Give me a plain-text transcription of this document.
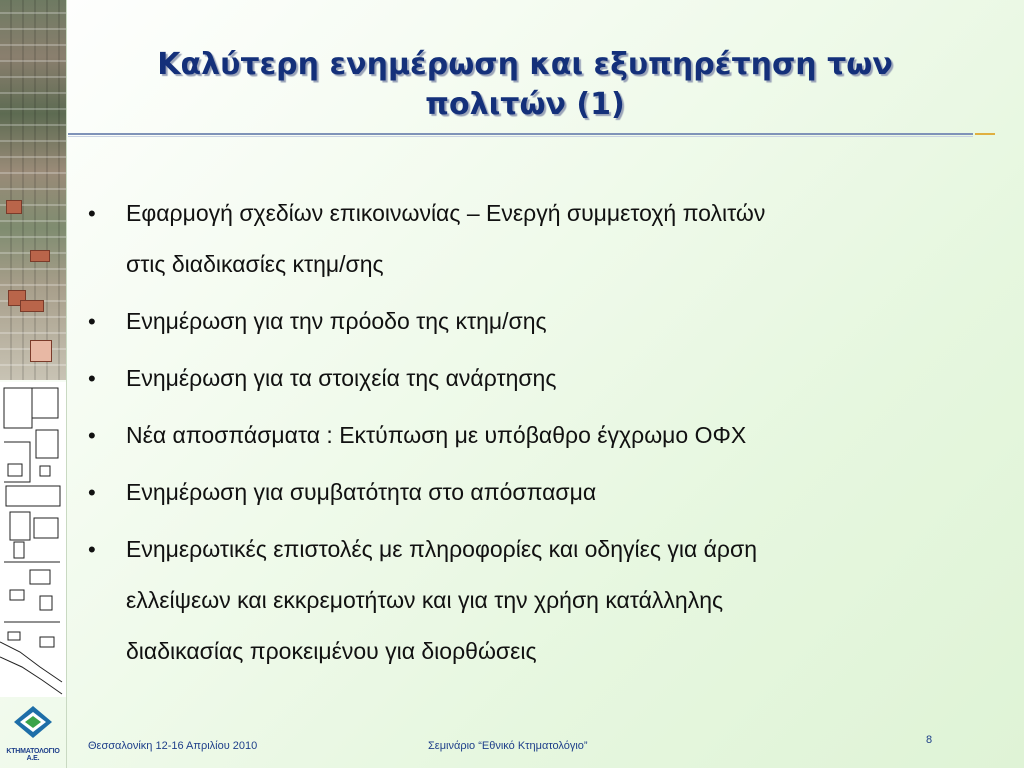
ΚΤΗΜΑΤΟΛΟΓΙΟ Α.Ε.
Καλύτερη ενημέρωση και εξυπηρέτηση των
πολιτών (1)
• Εφαρμογή σχεδίων επικοινωνίας – Ενεργή συμμετοχή πολιτών
στις διαδικασίες κτημ/σης
• Ενημέρωση για την πρόοδο της κτημ/σης
• Ενημέρωση για τα στοιχεία της ανάρτησης
• Νέα αποσπάσματα : Εκτύπωση με υπόβαθρο έγχρωμο ΟΦΧ
• Ενημέρωση για συμβατότητα στο απόσπασμα
• Ενημερωτικές επιστολές με πληροφορίες και οδηγίες για άρση
ελλείψεων και εκκρεμοτήτων και για την χρήση κατάλληλης
διαδικασίας προκειμένου για διορθώσεις
Θεσσαλονίκη 12-16 Απριλίου 2010	Σεμινάριο “Εθνικό Κτηματολόγιο”	8
